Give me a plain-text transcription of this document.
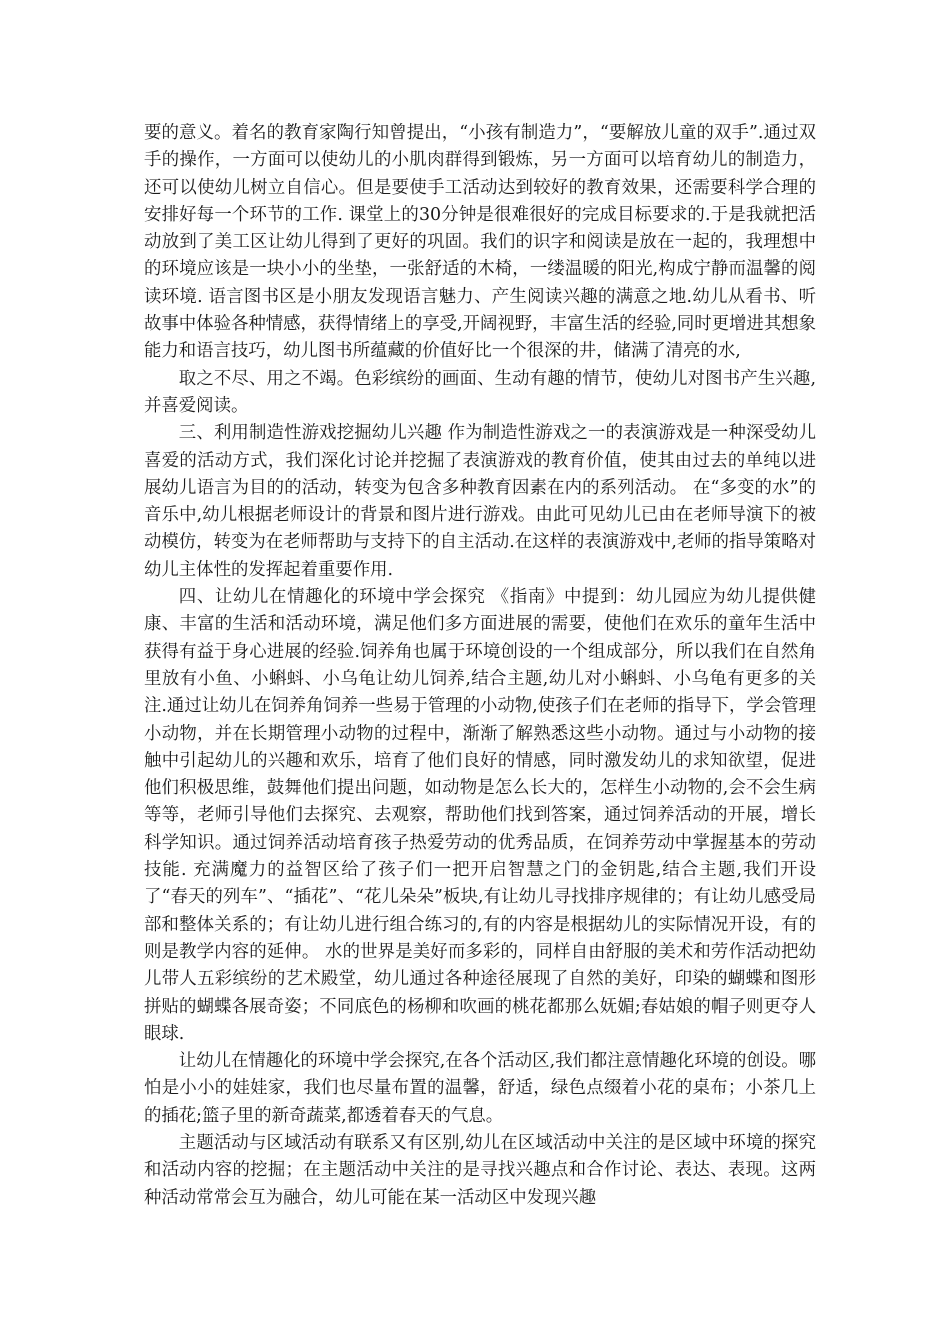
要的意义。着名的教育家陶行知曾提出，“小孩有制造力”，“要解放儿童的双手”.通过双手的操作，一方面可以使幼儿的小肌肉群得到锻炼，另一方面可以培育幼儿的制造力，还可以使幼儿树立自信心。但是要使手工活动达到较好的教育效果，还需要科学合理的安排好每一个环节的工作. 课堂上的30分钟是很难很好的完成目标要求的.于是我就把活动放到了美工区让幼儿得到了更好的巩固。我们的识字和阅读是放在一起的，我理想中的环境应该是一块小小的坐垫，一张舒适的木椅，一缕温暖的阳光,构成宁静而温馨的阅读环境. 语言图书区是小朋友发现语言魅力、产生阅读兴趣的满意之地.幼儿从看书、听故事中体验各种情感，获得情绪上的享受,开阔视野，丰富生活的经验,同时更增进其想象能力和语言技巧，幼儿图书所蕴藏的价值好比一个很深的井，储满了清亮的水,

取之不尽、用之不竭。色彩缤纷的画面、生动有趣的情节，使幼儿对图书产生兴趣,并喜爱阅读。

三、利用制造性游戏挖掘幼儿兴趣 作为制造性游戏之一的表演游戏是一种深受幼儿喜爱的活动方式，我们深化讨论并挖掘了表演游戏的教育价值，使其由过去的单纯以进展幼儿语言为目的的活动，转变为包含多种教育因素在内的系列活动。 在“多变的水”的音乐中,幼儿根据老师设计的背景和图片进行游戏。由此可见幼儿已由在老师导演下的被动模仿，转变为在老师帮助与支持下的自主活动.在这样的表演游戏中,老师的指导策略对幼儿主体性的发挥起着重要作用.

四、让幼儿在情趣化的环境中学会探究 《指南》中提到：幼儿园应为幼儿提供健康、丰富的生活和活动环境，满足他们多方面进展的需要，使他们在欢乐的童年生活中获得有益于身心进展的经验.饲养角也属于环境创设的一个组成部分，所以我们在自然角里放有小鱼、小蝌蚪、小乌龟让幼儿饲养,结合主题,幼儿对小蝌蚪、小乌龟有更多的关注.通过让幼儿在饲养角饲养一些易于管理的小动物,使孩子们在老师的指导下，学会管理小动物，并在长期管理小动物的过程中，渐渐了解熟悉这些小动物。通过与小动物的接触中引起幼儿的兴趣和欢乐，培育了他们良好的情感，同时激发幼儿的求知欲望，促进他们积极思维，鼓舞他们提出问题，如动物是怎么长大的，怎样生小动物的,会不会生病等等，老师引导他们去探究、去观察，帮助他们找到答案，通过饲养活动的开展，增长科学知识。通过饲养活动培育孩子热爱劳动的优秀品质，在饲养劳动中掌握基本的劳动技能. 充满魔力的益智区给了孩子们一把开启智慧之门的金钥匙,结合主题,我们开设了“春天的列车”、“插花”、“花儿朵朵”板块,有让幼儿寻找排序规律的；有让幼儿感受局部和整体关系的；有让幼儿进行组合练习的,有的内容是根据幼儿的实际情况开设，有的则是教学内容的延伸。 水的世界是美好而多彩的，同样自由舒服的美术和劳作活动把幼儿带人五彩缤纷的艺术殿堂，幼儿通过各种途径展现了自然的美好，印染的蝴蝶和图形拼贴的蝴蝶各展奇姿；不同底色的杨柳和吹画的桃花都那么妩媚;春姑娘的帽子则更夺人眼球.

让幼儿在情趣化的环境中学会探究,在各个活动区,我们都注意情趣化环境的创设。哪怕是小小的娃娃家，我们也尽量布置的温馨，舒适，绿色点缀着小花的桌布；小茶几上的插花;篮子里的新奇蔬菜,都透着春天的气息。

主题活动与区域活动有联系又有区别,幼儿在区域活动中关注的是区域中环境的探究和活动内容的挖掘；在主题活动中关注的是寻找兴趣点和合作讨论、表达、表现。这两种活动常常会互为融合，幼儿可能在某一活动区中发现兴趣
